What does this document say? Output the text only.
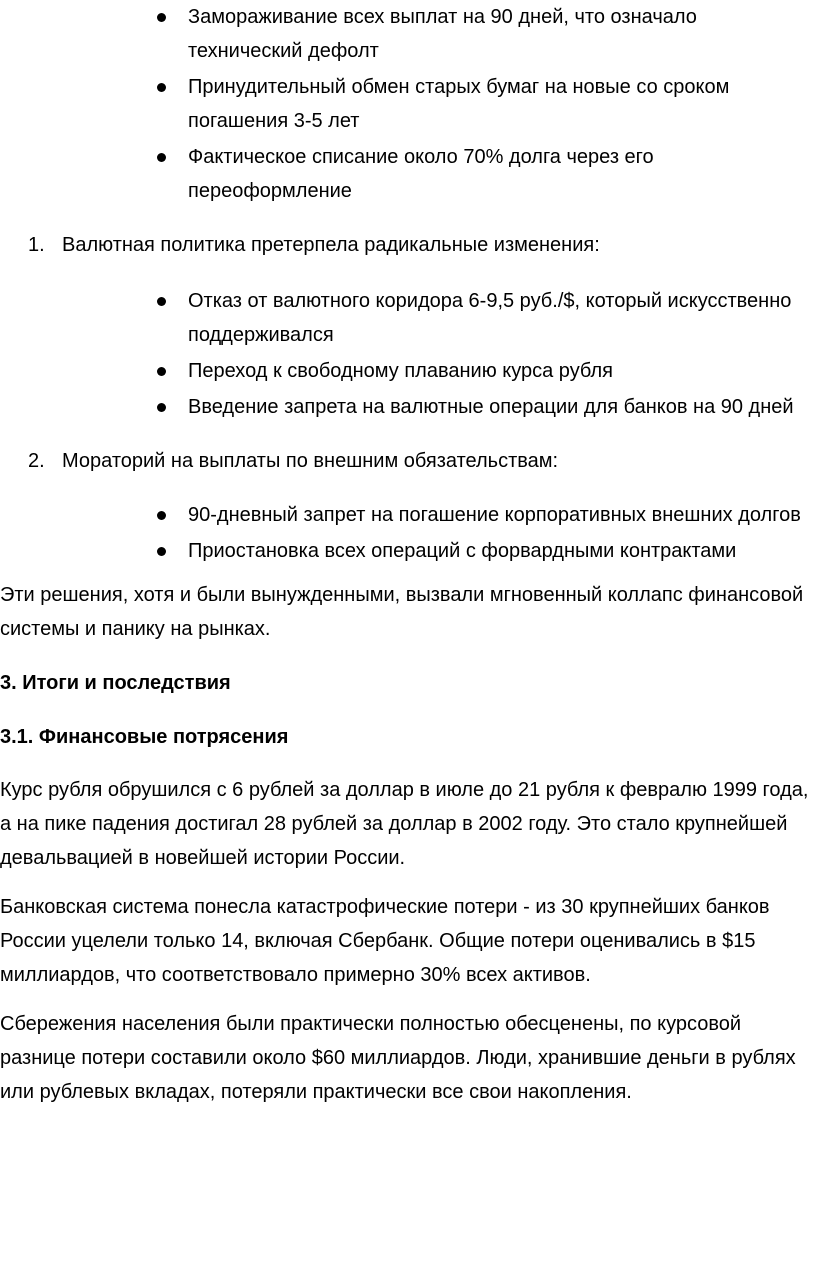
Замораживание всех выплат на 90 дней, что означало технический дефолт
Принудительный обмен старых бумаг на новые со сроком погашения 3-5 лет
Фактическое списание около 70% долга через его переоформление
1. Валютная политика претерпела радикальные изменения:
Отказ от валютного коридора 6-9,5 руб./$, который искусственно поддерживался
Переход к свободному плаванию курса рубля
Введение запрета на валютные операции для банков на 90 дней
2. Мораторий на выплаты по внешним обязательствам:
90-дневный запрет на погашение корпоративных внешних долгов
Приостановка всех операций с форвардными контрактами

Эти решения, хотя и были вынужденными, вызвали мгновенный коллапс финансовой системы и панику на рынках.

3. Итоги и последствия

3.1. Финансовые потрясения

Курс рубля обрушился с 6 рублей за доллар в июле до 21 рубля к февралю 1999 года, а на пике падения достигал 28 рублей за доллар в 2002 году. Это стало крупнейшей девальвацией в новейшей истории России.

Банковская система понесла катастрофические потери - из 30 крупнейших банков России уцелели только 14, включая Сбербанк. Общие потери оценивались в $15 миллиардов, что соответствовало примерно 30% всех активов.

Сбережения населения были практически полностью обесценены, по курсовой разнице потери составили около $60 миллиардов. Люди, хранившие деньги в рублях или рублевых вкладах, потеряли практически все свои накопления.
